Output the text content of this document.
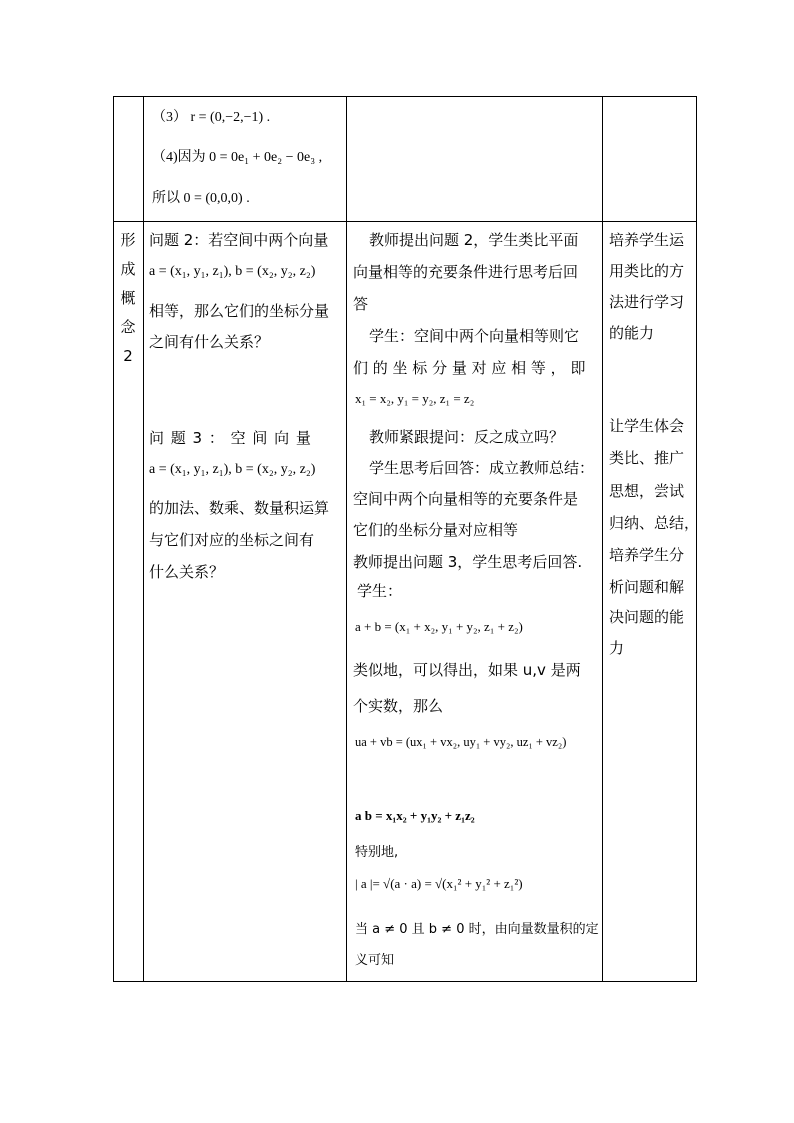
（3） r = (0,−2,−1) .
（4)因为 0 = 0e₁ + 0e₂ − 0e₃ ,
所以 0 = (0,0,0) .
形
成
概
念
2
问题 2：若空间中两个向量
a = (x₁, y₁, z₁), b = (x₂, y₂, z₂)
相等，那么它们的坐标分量
之间有什么关系？
问 题 3 ： 空 间 向 量
a = (x₁, y₁, z₁), b = (x₂, y₂, z₂)
的加法、数乘、数量积运算
与它们对应的坐标之间有
什么关系？
教师提出问题 2，学生类比平面
向量相等的充要条件进行思考后回
答
学生：空间中两个向量相等则它
们 的 坐 标 分 量 对 应 相 等 ， 即
x₁ = x₂, y₁ = y₂, z₁ = z₂
教师紧跟提问：反之成立吗？
学生思考后回答：成立教师总结：
空间中两个向量相等的充要条件是
它们的坐标分量对应相等
教师提出问题 3，学生思考后回答.
学生：
a + b = (x₁ + x₂, y₁ + y₂, z₁ + z₂)
类似地，可以得出，如果 u,v 是两
个实数，那么
ua + vb = (ux₁ + vx₂, uy₁ + vy₂, uz₁ + vz₂)
a b = x₁x₂ + y₁y₂ + z₁z₂
特别地,
| a |= √(a · a) = √(x₁² + y₁² + z₁²)
当 a ≠ 0 且 b ≠ 0 时，由向量数量积的定
义可知
培养学生运
用类比的方
法进行学习
的能力
让学生体会
类比、推广
思想，尝试
归纳、总结，
培养学生分
析问题和解
决问题的能
力
